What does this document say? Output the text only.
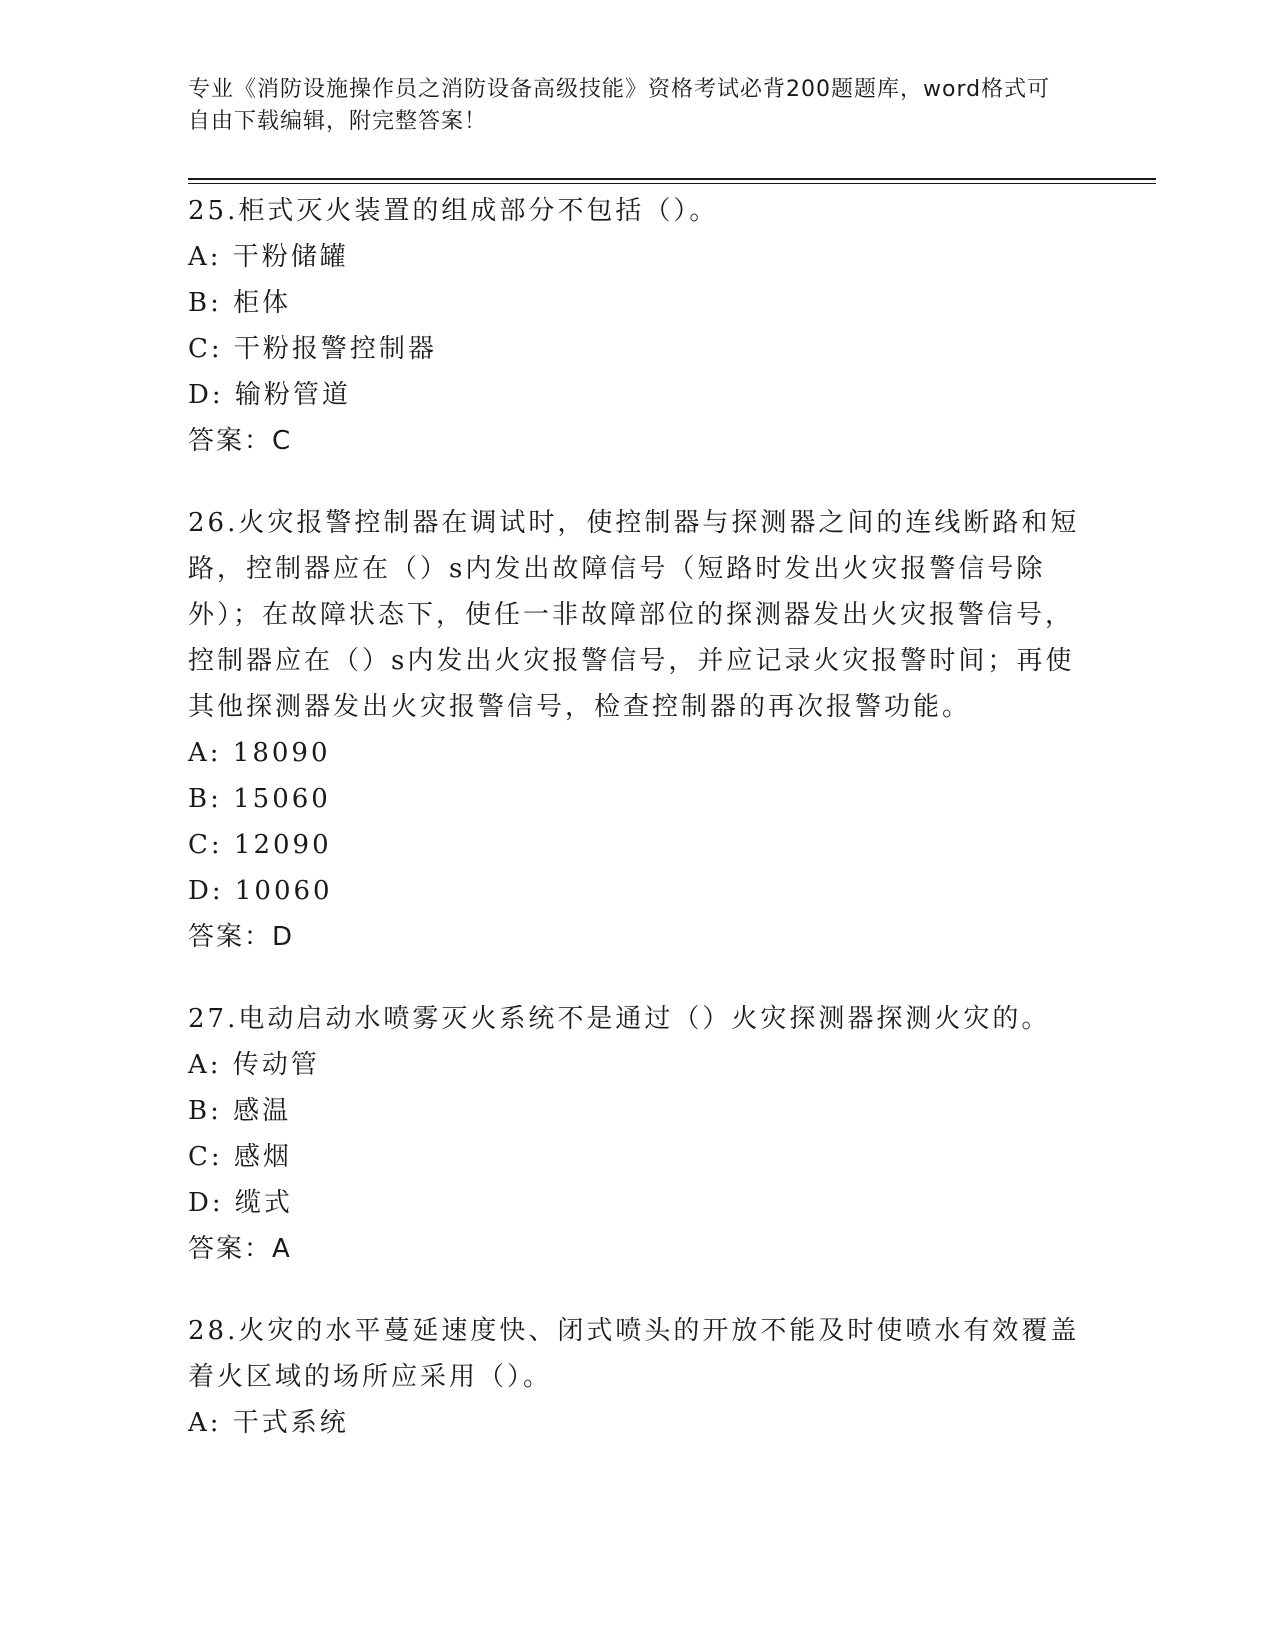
专业《消防设施操作员之消防设备高级技能》资格考试必背200题题库，word格式可自由下载编辑，附完整答案！

25.柜式灭火装置的组成部分不包括（）。

A: 干粉储罐

B: 柜体

C: 干粉报警控制器

D: 输粉管道

答案：C

26.火灾报警控制器在调试时，使控制器与探测器之间的连线断路和短路，控制器应在（）s内发出故障信号（短路时发出火灾报警信号除外）；在故障状态下，使任一非故障部位的探测器发出火灾报警信号，控制器应在（）s内发出火灾报警信号，并应记录火灾报警时间；再使其他探测器发出火灾报警信号，检查控制器的再次报警功能。

A: 18090

B: 15060

C: 12090

D: 10060

答案：D

27.电动启动水喷雾灭火系统不是通过（）火灾探测器探测火灾的。

A: 传动管

B: 感温

C: 感烟

D: 缆式

答案：A

28.火灾的水平蔓延速度快、闭式喷头的开放不能及时使喷水有效覆盖着火区域的场所应采用（）。

A: 干式系统
